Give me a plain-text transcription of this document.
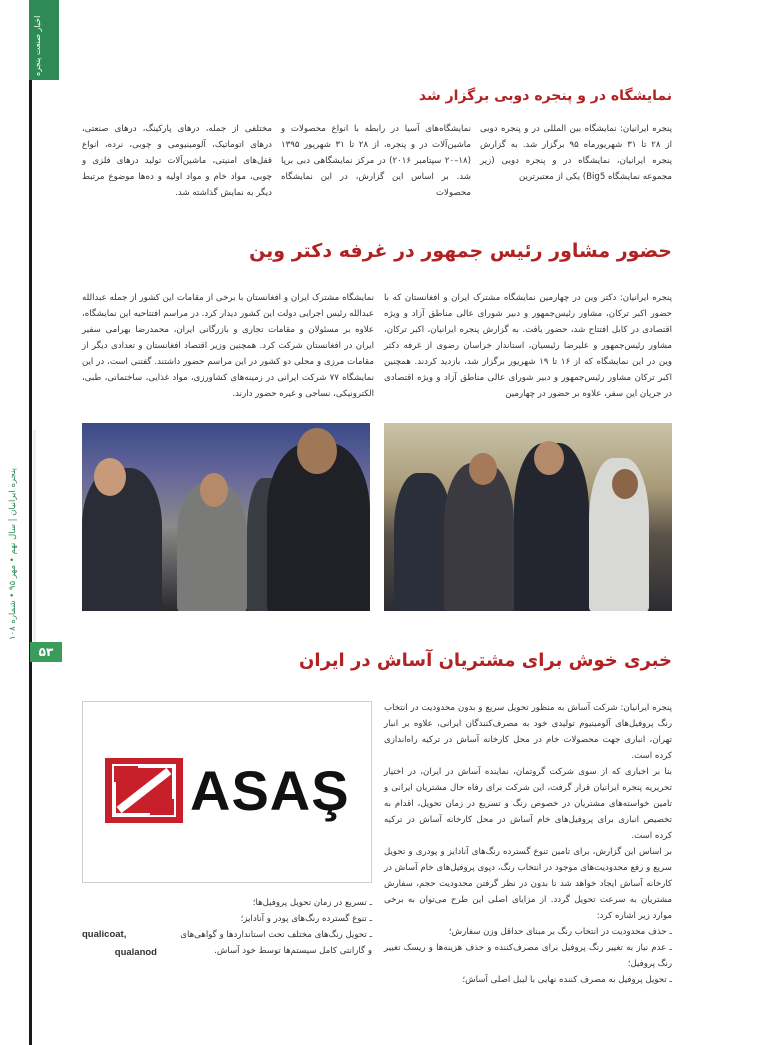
اخبار صنعت پنجره
پنجره ایرانیان | سال نهم • مهر ۹۵ • شماره ۱۰۸
۵۳
نمایشگاه در و پنجره دوبی برگزار شد
پنجره ایرانیان: نمایشگاه بین المللی در و پنجره دوبی از ۲۸ تا ۳۱ شهریورماه ۹۵ برگزار شد. به گزارش پنجره ایرانیان، نمایشگاه در و پنجره دوبی (زیر مجموعه نمایشگاه Big5) یکی از معتبرترین
نمایشگاه‌های آسیا در رابطه با انواع محصولات و ماشین‌آلات در و پنجره، از ۲۸ تا ۳۱ شهریور ۱۳۹۵ (۱۸–۲۰ سپتامبر ۲۰۱۶) در مرکز نمایشگاهی دبی برپا شد. بر اساس این گزارش، در این نمایشگاه محصولات
مختلفی از جمله، درهای پارکینگ، درهای صنعتی، درهای اتوماتیک، آلومینیومی و چوبی، نرده، انواع قفل‌های امنیتی، ماشین‌آلات تولید درهای فلزی و چوبی، مواد خام و مواد اولیه و ده‌ها موضوع مرتبط دیگر به نمایش گذاشته شد.
حضور مشاور رئیس جمهور در غرفه دکتر وین
پنجره ایرانیان: دکتر وین در چهارمین نمایشگاه مشترک ایران و افغانستان که با حضور اکبر ترکان، مشاور رئیس‌جمهور و دبیر شورای عالی مناطق آزاد و ویژه اقتصادی در کابل افتتاح شد، حضور یافت. به گزارش پنجره ایرانیان، اکبر ترکان، مشاور رئیس‌جمهور و علیرضا رئیسیان، استاندار خراسان رضوی از غرفه دکتر وین در این نمایشگاه که از ۱۶ تا ۱۹ شهریور برگزار شد، بازدید کردند. همچنین اکبر ترکان مشاور رئیس‌جمهور و دبیر شورای عالی مناطق آزاد و ویژه اقتصادی در جریان این سفر، علاوه بر حضور در چهارمین
نمایشگاه مشترک ایران و افغانستان با برخی از مقامات این کشور از جمله عبدالله عبدالله رئیس اجرایی دولت این کشور دیدار کرد. در مراسم افتتاحیه این نمایشگاه، علاوه بر مسئولان و مقامات تجاری و بازرگانی ایران، محمدرضا بهرامی سفیر ایران در افغانستان شرکت کرد. همچنین وزیر اقتصاد افغانستان و تعدادی دیگر از مقامات مرزی و محلی دو کشور در این مراسم حضور داشتند. گفتنی است، در این نمایشگاه ۷۷ شرکت ایرانی در زمینه‌های کشاورزی، مواد غذایی، ساختمانی، طبی، الکترونیکی، نساجی و غیره حضور دارند.
خبری خوش برای مشتریان آساش در ایران
ASAŞ

پنجره ایرانیان: شرکت آساش به منظور تحویل سریع و بدون محدودیت در انتخاب رنگ پروفیل‌های آلومینیوم تولیدی خود به مصرف‌کنندگان ایرانی، علاوه بر انبار تهران، انباری جهت محصولات خام در محل کارخانه آساش در ترکیه راه‌اندازی کرده است.

بنا بر اخباری که از سوی شرکت گروتمان، نماینده آساش در ایران، در اختیار تحریریه پنجره ایرانیان قرار گرفت، این شرکت برای رفاه حال مشتریان ایرانی و تامین خواسته‌های مشتریان در خصوص رنگ و تسریع در زمان تحویل، اقدام به تخصیص انباری برای پروفیل‌های خام آساش در محل کارخانه آساش در ترکیه کرده است.

بر اساس این گزارش، برای تامین تنوع گسترده رنگ‌های آنادایز و پودری و تحویل سریع و رفع محدودیت‌های موجود در انتخاب رنگ، دپوی پروفیل‌های خام آساش در کارخانه آساش ایجاد خواهد شد تا بدون در نظر گرفتن محدودیت حجم، سفارش مشتریان به سرعت تحویل گردد. از مزایای اصلی این طرح می‌توان به برخی موارد زیر اشاره کرد:

ـ حذف محدودیت در انتخاب رنگ بر مبنای حداقل وزن سفارش؛
ـ عدم نیاز به تغییر رنگ پروفیل برای مصرف‌کننده و حذف هزینه‌ها و ریسک تغییر رنگ پروفیل؛
ـ تحویل پروفیل به مصرف کننده نهایی با لیبل اصلی آساش؛
ـ تسریع در زمان تحویل پروفیل‌ها؛
ـ تنوع گسترده رنگ‌های پودر و آنادایز؛
ـ تحویل رنگ‌های مختلف تحت استانداردها و گواهی‌های
و گارانتی کامل سیستم‌ها توسط خود آساش.
qualicoat,
qualanod
